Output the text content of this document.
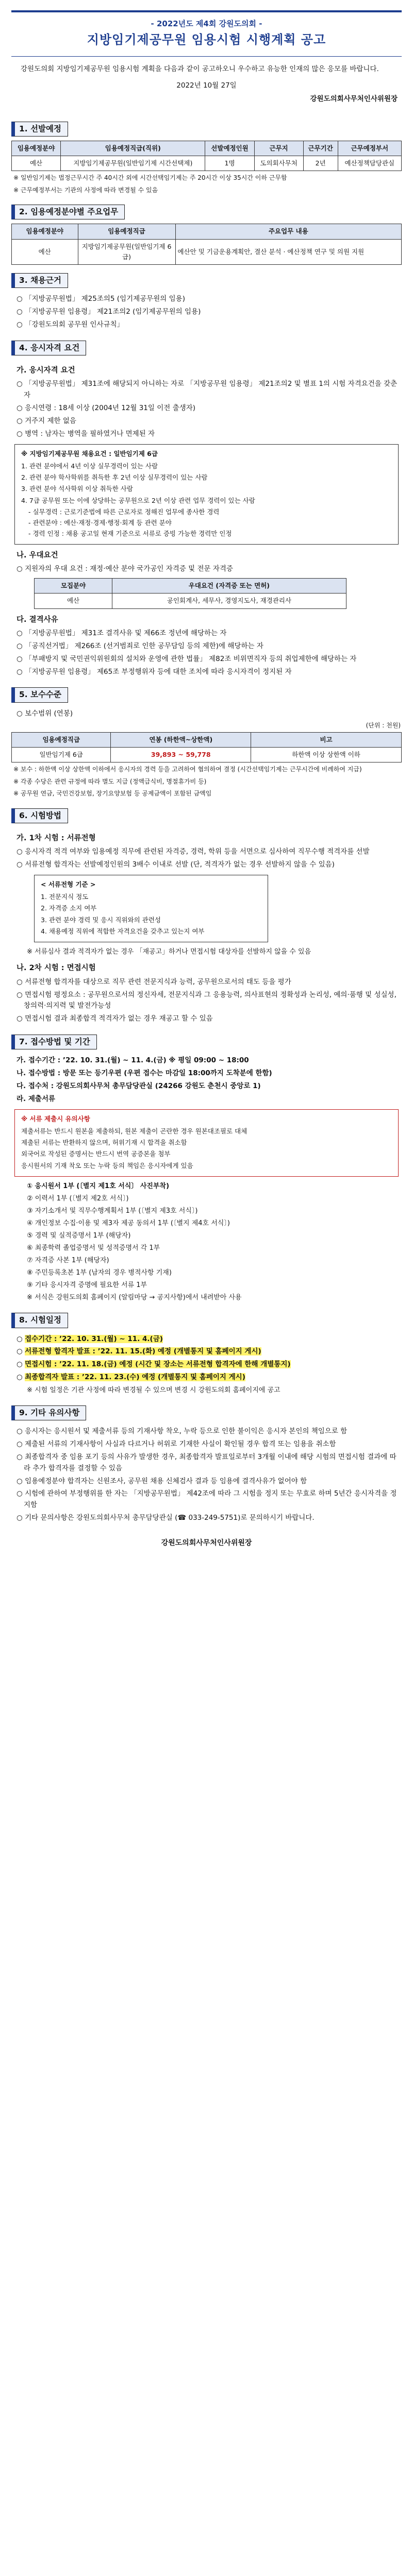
- 2022년도 제4회 강원도의회 -
지방임기제공무원 임용시험 시행계획 공고

강원도의회 지방임기제공무원 임용시험 계획을 다음과 같이 공고하오니 우수하고 유능한 인재의 많은 응모를 바랍니다.

2022년 10월 27일

강원도의회사무처인사위원장

1. 선발예정
임용예정분야	임용예정직급(직위)	선발예정인원	근무지	근무기간	근무예정부서
예산	지방임기제공무원(일반임기제 시간선택제)	1명	도의회사무처	2년	예산정책담당관실

※ 일반임기제는 법정근무시간 주 40시간 외에 시간선택임기제는 주 20시간 이상 35시간 이하 근무함

※ 근무예정부서는 기관의 사정에 따라 변경될 수 있음

2. 임용예정분야별 주요업무
임용예정분야	임용예정직급	주요업무 내용
예산	지방임기제공무원(일반임기제 6급)	예산안 및 기금운용계획안, 결산 분석 · 예산정책 연구 및 의원 지원
3. 채용근거

○ 「지방공무원법」 제25조의5 (임기제공무원의 임용)

○ 「지방공무원 임용령」 제21조의2 (임기제공무원의 임용)

○ 「강원도의회 공무원 인사규칙」

4. 응시자격 요건
가. 응시자격 요건

○ 「지방공무원법」 제31조에 해당되지 아니하는 자로 「지방공무원 임용령」 제21조의2 및 별표 1의 시험 자격요건을 갖춘 자

○ 응시연령 : 18세 이상 (2004년 12월 31일 이전 출생자)

○ 거주지 제한 없음

○ 병역 : 남자는 병역을 필하였거나 면제된 자

※ 지방임기제공무원 채용요건 : 일반임기제 6급
1. 관련 분야에서 4년 이상 실무경력이 있는 사람
2. 관련 분야 학사학위를 취득한 후 2년 이상 실무경력이 있는 사람
3. 관련 분야 석사학위 이상 취득한 사람
4. 7급 공무원 또는 이에 상당하는 공무원으로 2년 이상 관련 업무 경력이 있는 사람
- 실무경력 : 근로기준법에 따른 근로자로 정해진 업무에 종사한 경력
- 관련분야 : 예산·재정·경제·행정·회계 등 관련 분야
- 경력 인정 : 채용 공고일 현재 기준으로 서류로 증빙 가능한 경력만 인정
나. 우대요건

○ 지원자의 우대 요건 : 재정·예산 분야 국가공인 자격증 및 전문 자격증

모집분야	우대요건 (자격증 또는 면허)
예산	공인회계사, 세무사, 경영지도사, 재경관리사
다. 결격사유

○ 「지방공무원법」 제31조 결격사유 및 제66조 정년에 해당하는 자

○ 「공직선거법」 제266조 (선거범죄로 인한 공무담임 등의 제한)에 해당하는 자

○ 「부패방지 및 국민권익위원회의 설치와 운영에 관한 법률」 제82조 비위면직자 등의 취업제한에 해당하는 자

○ 「지방공무원 임용령」 제65조 부정행위자 등에 대한 조치에 따라 응시자격이 정지된 자

5. 보수수준

○ 보수범위 (연봉)

(단위 : 천원)

임용예정직급	연봉 (하한액~상한액)	비고
일반임기제 6급	39,893 ~ 59,778	하한액 이상 상한액 이하

※ 보수 : 하한액 이상 상한액 이하에서 응시자의 경력 등을 고려하여 협의하여 결정 (시간선택임기제는 근무시간에 비례하여 지급)

※ 각종 수당은 관련 규정에 따라 별도 지급 (정액급식비, 명절휴가비 등)

※ 공무원 연금, 국민건강보험, 장기요양보험 등 공제금액이 포함된 금액임

6. 시험방법
가. 1차 시험 : 서류전형

○ 응시자격 적격 여부와 임용예정 직무에 관련된 자격증, 경력, 학위 등을 서면으로 심사하여 직무수행 적격자를 선발

○ 서류전형 합격자는 선발예정인원의 3배수 이내로 선발 (단, 적격자가 없는 경우 선발하지 않을 수 있음)

< 서류전형 기준 >
1. 전문지식 정도
2. 자격증 소지 여부
3. 관련 분야 경력 및 응시 직위와의 관련성
4. 채용예정 직위에 적합한 자격요건을 갖추고 있는지 여부

※ 서류심사 결과 적격자가 없는 경우 「재공고」하거나 면접시험 대상자를 선발하지 않을 수 있음

나. 2차 시험 : 면접시험

○ 서류전형 합격자를 대상으로 직무 관련 전문지식과 능력, 공무원으로서의 태도 등을 평가

○ 면접시험 평정요소 : 공무원으로서의 정신자세, 전문지식과 그 응용능력, 의사표현의 정확성과 논리성, 예의·품행 및 성실성, 창의력·의지력 및 발전가능성

○ 면접시험 결과 최종합격 적격자가 없는 경우 재공고 할 수 있음

7. 접수방법 및 기간

가. 접수기간 : ’22. 10. 31.(월) ~ 11. 4.(금) ※ 평일 09:00 ~ 18:00

나. 접수방법 : 방문 또는 등기우편 (우편 접수는 마감일 18:00까지 도착분에 한함)

다. 접수처 : 강원도의회사무처 총무담당관실 (24266 강원도 춘천시 중앙로 1)

라. 제출서류

※ 서류 제출시 유의사항
제출서류는 반드시 원본을 제출하되, 원본 제출이 곤란한 경우 원본대조필로 대체
제출된 서류는 반환하지 않으며, 허위기재 시 합격을 취소함
외국어로 작성된 증명서는 반드시 번역 공증본을 첨부
응시원서의 기재 착오 또는 누락 등의 책임은 응시자에게 있음

① 응시원서 1부 (〔별지 제1호 서식〕 사진부착)

② 이력서 1부 (〔별지 제2호 서식〕)

③ 자기소개서 및 직무수행계획서 1부 (〔별지 제3호 서식〕)

④ 개인정보 수집·이용 및 제3자 제공 동의서 1부 (〔별지 제4호 서식〕)

⑤ 경력 및 실적증명서 1부 (해당자)

⑥ 최종학력 졸업증명서 및 성적증명서 각 1부

⑦ 자격증 사본 1부 (해당자)

⑧ 주민등록초본 1부 (남자의 경우 병적사항 기재)

⑨ 기타 응시자격 증명에 필요한 서류 1부

※ 서식은 강원도의회 홈페이지 (알림마당 → 공지사항)에서 내려받아 사용

8. 시험일정

○ 접수기간 : ’22. 10. 31.(월) ~ 11. 4.(금)

○ 서류전형 합격자 발표 : ’22. 11. 15.(화) 예정 (개별통지 및 홈페이지 게시)

○ 면접시험 : ’22. 11. 18.(금) 예정 (시간 및 장소는 서류전형 합격자에 한해 개별통지)

○ 최종합격자 발표 : ’22. 11. 23.(수) 예정 (개별통지 및 홈페이지 게시)

※ 시험 일정은 기관 사정에 따라 변경될 수 있으며 변경 시 강원도의회 홈페이지에 공고

9. 기타 유의사항

○ 응시자는 응시원서 및 제출서류 등의 기재사항 착오, 누락 등으로 인한 불이익은 응시자 본인의 책임으로 함

○ 제출된 서류의 기재사항이 사실과 다르거나 허위로 기재한 사실이 확인될 경우 합격 또는 임용을 취소함

○ 최종합격자 중 임용 포기 등의 사유가 발생한 경우, 최종합격자 발표일로부터 3개월 이내에 해당 시험의 면접시험 결과에 따라 추가 합격자를 결정할 수 있음

○ 임용예정분야 합격자는 신원조사, 공무원 채용 신체검사 결과 등 임용에 결격사유가 없어야 함

○ 시험에 관하여 부정행위를 한 자는 「지방공무원법」 제42조에 따라 그 시험을 정지 또는 무효로 하며 5년간 응시자격을 정지함

○ 기타 문의사항은 강원도의회사무처 총무담당관실 (☎ 033-249-5751)로 문의하시기 바랍니다.

강원도의회사무처인사위원장
